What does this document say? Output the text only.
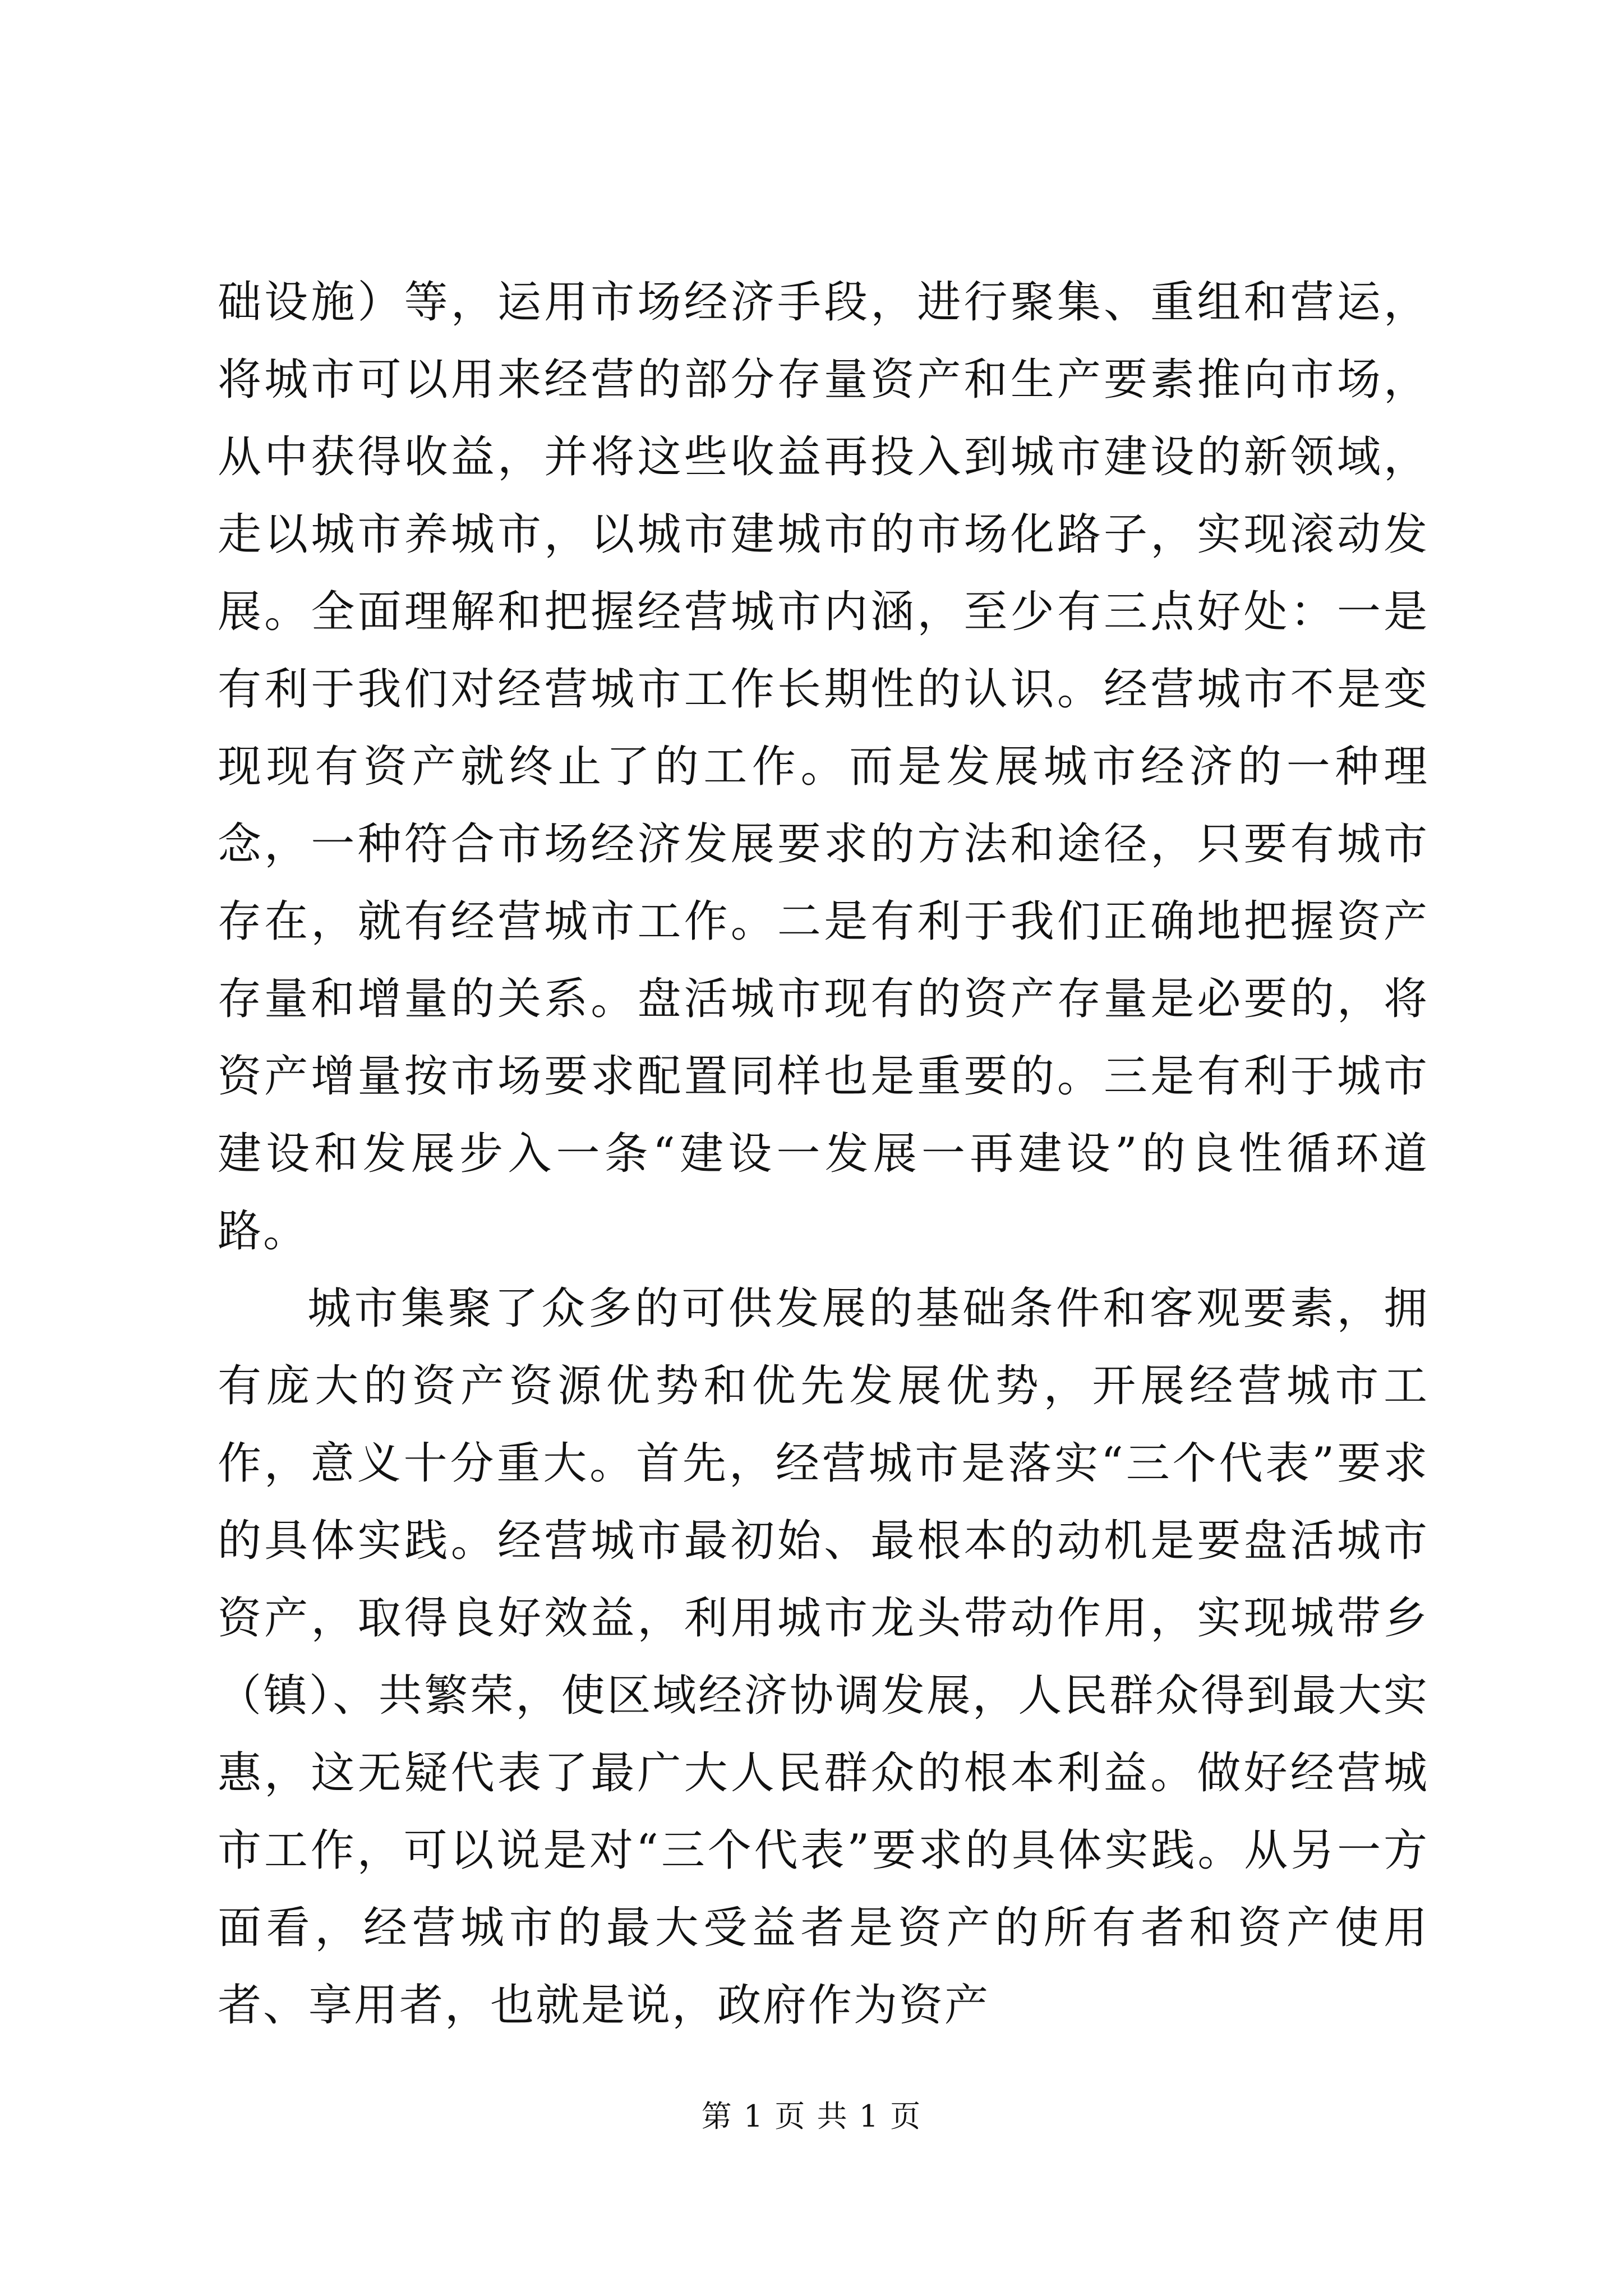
础设施）等，运用市场经济手段，进行聚集、重组和营运，将城市可以用来经营的部分存量资产和生产要素推向市场，从中获得收益，并将这些收益再投入到城市建设的新领域，走以城市养城市，以城市建城市的市场化路子，实现滚动发展。全面理解和把握经营城市内涵，至少有三点好处：一是有利于我们对经营城市工作长期性的认识。经营城市不是变现现有资产就终止了的工作。而是发展城市经济的一种理念，一种符合市场经济发展要求的方法和途径，只要有城市存在，就有经营城市工作。二是有利于我们正确地把握资产存量和增量的关系。盘活城市现有的资产存量是必要的，将资产增量按市场要求配置同样也是重要的。三是有利于城市建设和发展步入一条“建设一发展一再建设”的良性循环道路。

城市集聚了众多的可供发展的基础条件和客观要素，拥有庞大的资产资源优势和优先发展优势，开展经营城市工作，意义十分重大。首先，经营城市是落实“三个代表”要求的具体实践。经营城市最初始、最根本的动机是要盘活城市资产，取得良好效益，利用城市龙头带动作用，实现城带乡（镇）、共繁荣，使区域经济协调发展，人民群众得到最大实惠，这无疑代表了最广大人民群众的根本利益。做好经营城市工作，可以说是对“三个代表”要求的具体实践。从另一方面看，经营城市的最大受益者是资产的所有者和资产使用者、享用者，也就是说，政府作为资产

第 1 页 共 1 页
